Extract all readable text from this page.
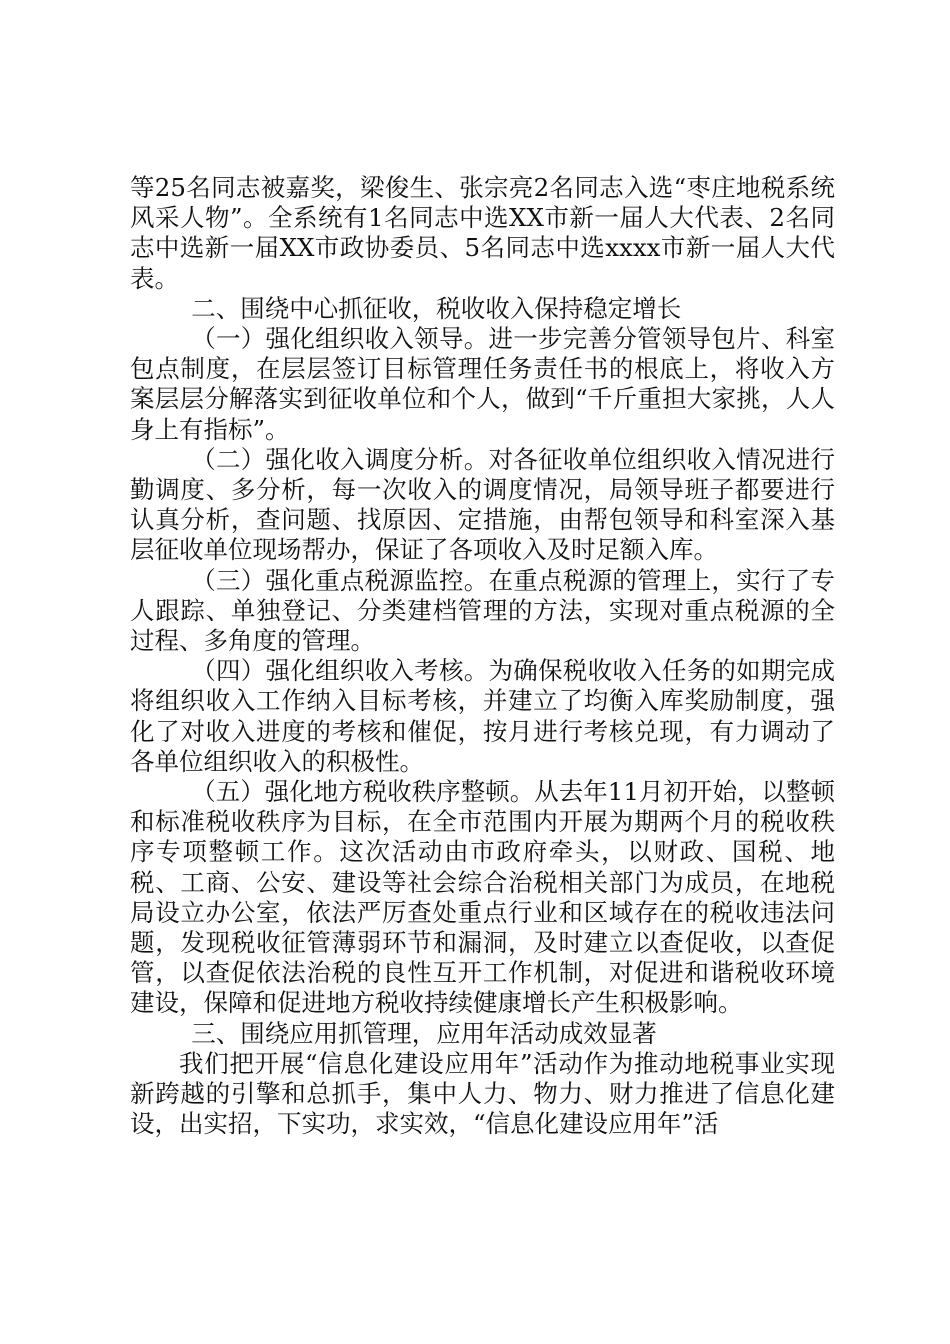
等25名同志被嘉奖，梁俊生、张宗亮2名同志入选“枣庄地税系统风采人物”。全系统有1名同志中选XX市新一届人大代表、2名同志中选新一届XX市政协委员、5名同志中选xxxx市新一届人大代表。

二、围绕中心抓征收，税收收入保持稳定增长

（一）强化组织收入领导。进一步完善分管领导包片、科室包点制度，在层层签订目标管理任务责任书的根底上，将收入方案层层分解落实到征收单位和个人，做到“千斤重担大家挑，人人身上有指标”。

（二）强化收入调度分析。对各征收单位组织收入情况进行勤调度、多分析，每一次收入的调度情况，局领导班子都要进行认真分析，查问题、找原因、定措施，由帮包领导和科室深入基层征收单位现场帮办，保证了各项收入及时足额入库。

（三）强化重点税源监控。在重点税源的管理上，实行了专人跟踪、单独登记、分类建档管理的方法，实现对重点税源的全过程、多角度的管理。

（四）强化组织收入考核。为确保税收收入任务的如期完成将组织收入工作纳入目标考核，并建立了均衡入库奖励制度，强化了对收入进度的考核和催促，按月进行考核兑现，有力调动了各单位组织收入的积极性。

（五）强化地方税收秩序整顿。从去年11月初开始，以整顿和标准税收秩序为目标，在全市范围内开展为期两个月的税收秩序专项整顿工作。这次活动由市政府牵头，以财政、国税、地税、工商、公安、建设等社会综合治税相关部门为成员，在地税局设立办公室，依法严厉查处重点行业和区域存在的税收违法问题，发现税收征管薄弱环节和漏洞，及时建立以查促收，以查促管，以查促依法治税的良性互开工作机制，对促进和谐税收环境建设，保障和促进地方税收持续健康增长产生积极影响。

三、围绕应用抓管理，应用年活动成效显著

我们把开展“信息化建设应用年”活动作为推动地税事业实现新跨越的引擎和总抓手，集中人力、物力、财力推进了信息化建设，出实招，下实功，求实效，“信息化建设应用年”活
